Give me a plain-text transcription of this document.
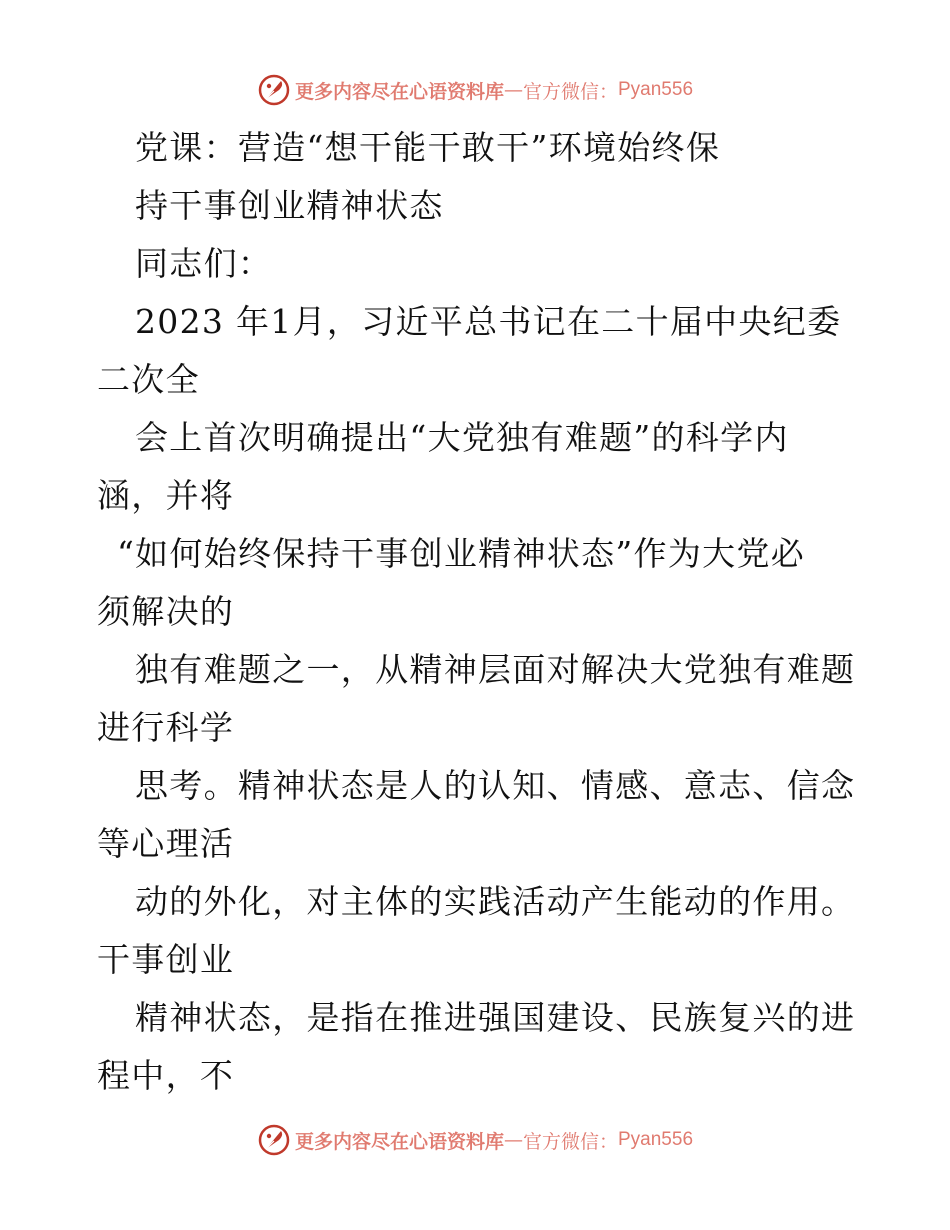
更多内容尽在心语资料库 — 官方微信： Pyan556
党课：营造“想干能干敢干”环境始终保
持干事创业精神状态
同志们：
2023 年1月，习近平总书记在二十届中央纪委
二次全
会上首次明确提出“大党独有难题”的科学内
涵，并将
“如何始终保持干事创业精神状态”作为大党必
须解决的
独有难题之一，从精神层面对解决大党独有难题
进行科学
思考。精神状态是人的认知、情感、意志、信念
等心理活
动的外化，对主体的实践活动产生能动的作用。
干事创业
精神状态，是指在推进强国建设、民族复兴的进
程中，不
更多内容尽在心语资料库 — 官方微信： Pyan556
